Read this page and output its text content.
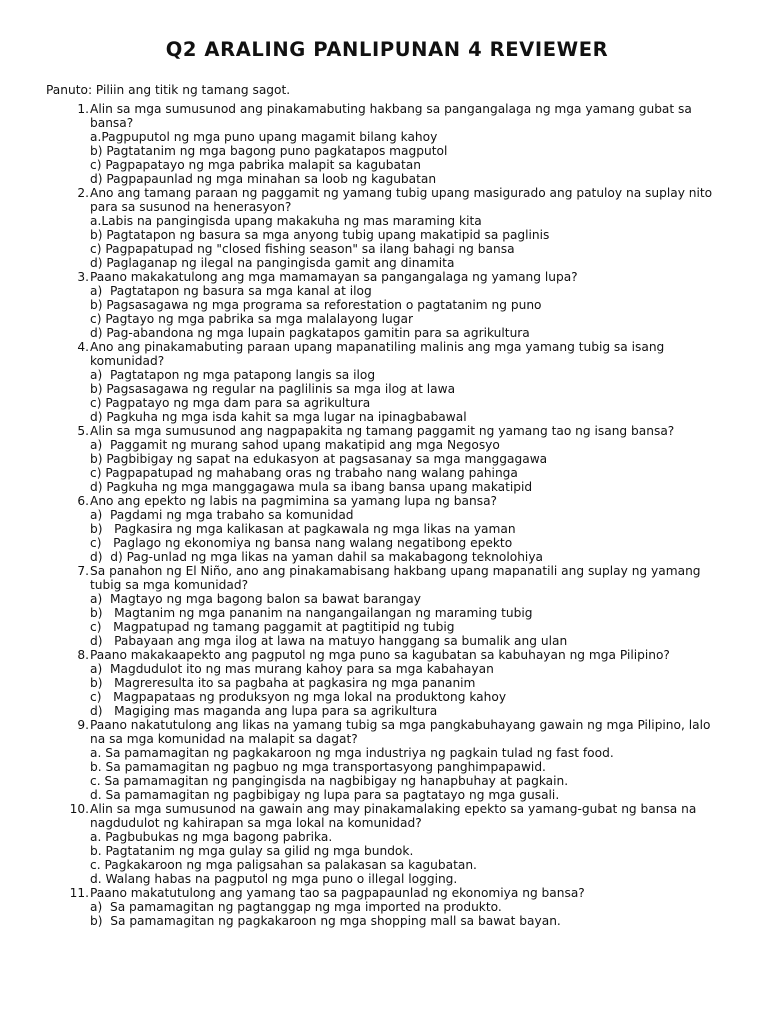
Q2 ARALING PANLIPUNAN 4 REVIEWER
Panuto: Piliin ang titik ng tamang sagot.
1. Alin sa mga sumusunod ang pinakamabuting hakbang sa pangangalaga ng mga yamang gubat sa bansa?

a.Pagpuputol ng mga puno upang magamit bilang kahoy
b) Pagtatanim ng mga bagong puno pagkatapos magputol
c) Pagpapatayo ng mga pabrika malapit sa kagubatan
d) Pagpapaunlad ng mga minahan sa loob ng kagubatan
2. Ano ang tamang paraan ng paggamit ng yamang tubig upang masigurado ang patuloy na suplay nito para sa susunod na henerasyon?

a.Labis na pangingisda upang makakuha ng mas maraming kita
b) Pagtatapon ng basura sa mga anyong tubig upang makatipid sa paglinis
c) Pagpapatupad ng "closed fishing season" sa ilang bahagi ng bansa
d) Paglaganap ng ilegal na pangingisda gamit ang dinamita
3. Paano makakatulong ang mga mamamayan sa pangangalaga ng yamang lupa?

a)  Pagtatapon ng basura sa mga kanal at ilog
b) Pagsasagawa ng mga programa sa reforestation o pagtatanim ng puno
c) Pagtayo ng mga pabrika sa mga malalayong lugar
d) Pag-abandona ng mga lupain pagkatapos gamitin para sa agrikultura
4. Ano ang pinakamabuting paraan upang mapanatiling malinis ang mga yamang tubig sa isang komunidad?

a)  Pagtatapon ng mga patapong langis sa ilog
b) Pagsasagawa ng regular na paglilinis sa mga ilog at lawa
c) Pagpatayo ng mga dam para sa agrikultura
d) Pagkuha ng mga isda kahit sa mga lugar na ipinagbabawal
5. Alin sa mga sumusunod ang nagpapakita ng tamang paggamit ng yamang tao ng isang bansa?

a)  Paggamit ng murang sahod upang makatipid ang mga Negosyo
b) Pagbibigay ng sapat na edukasyon at pagsasanay sa mga manggagawa
c) Pagpapatupad ng mahabang oras ng trabaho nang walang pahinga
d) Pagkuha ng mga manggagawa mula sa ibang bansa upang makatipid
6. Ano ang epekto ng labis na pagmimina sa yamang lupa ng bansa?

a)  Pagdami ng mga trabaho sa komunidad
b)   Pagkasira ng mga kalikasan at pagkawala ng mga likas na yaman
c)   Paglago ng ekonomiya ng bansa nang walang negatibong epekto
d)  d) Pag-unlad ng mga likas na yaman dahil sa makabagong teknolohiya
7. Sa panahon ng El Niño, ano ang pinakamabisang hakbang upang mapanatili ang suplay ng yamang tubig sa mga komunidad?

a)  Magtayo ng mga bagong balon sa bawat barangay
b)   Magtanim ng mga pananim na nangangailangan ng maraming tubig
c)   Magpatupad ng tamang paggamit at pagtitipid ng tubig
d)   Pabayaan ang mga ilog at lawa na matuyo hanggang sa bumalik ang ulan
8. Paano makakaapekto ang pagputol ng mga puno sa kagubatan sa kabuhayan ng mga Pilipino?

a)  Magdudulot ito ng mas murang kahoy para sa mga kabahayan
b)   Magreresulta ito sa pagbaha at pagkasira ng mga pananim
c)   Magpapataas ng produksyon ng mga lokal na produktong kahoy
d)   Magiging mas maganda ang lupa para sa agrikultura
9. Paano nakatutulong ang likas na yamang tubig sa mga pangkabuhayang gawain ng mga Pilipino, lalo na sa mga komunidad na malapit sa dagat?

a. Sa pamamagitan ng pagkakaroon ng mga industriya ng pagkain tulad ng fast food.
b. Sa pamamagitan ng pagbuo ng mga transportasyong panghimpapawid.
c. Sa pamamagitan ng pangingisda na nagbibigay ng hanapbuhay at pagkain.
d. Sa pamamagitan ng pagbibigay ng lupa para sa pagtatayo ng mga gusali.
10. Alin sa mga sumusunod na gawain ang may pinakamalaking epekto sa yamang-gubat ng bansa na nagdudulot ng kahirapan sa mga lokal na komunidad?

a. Pagbubukas ng mga bagong pabrika.
b. Pagtatanim ng mga gulay sa gilid ng mga bundok.
c. Pagkakaroon ng mga paligsahan sa palakasan sa kagubatan.
d. Walang habas na pagputol ng mga puno o illegal logging.
11. Paano makatutulong ang yamang tao sa pagpapaunlad ng ekonomiya ng bansa?

a)  Sa pamamagitan ng pagtanggap ng mga imported na produkto.
b)  Sa pamamagitan ng pagkakaroon ng mga shopping mall sa bawat bayan.
